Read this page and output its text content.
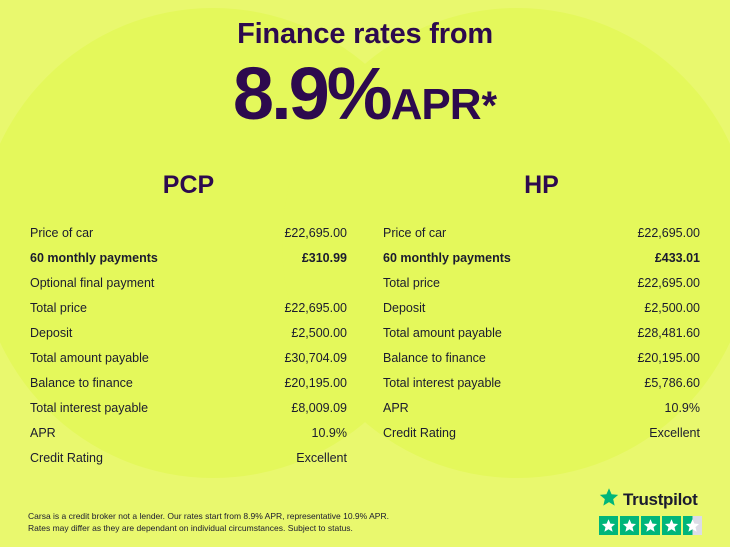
Finance rates from
8.9% APR *
PCP
Price of car	£22,695.00
60 monthly payments	£310.99
Optional final payment
Total price	£22,695.00
Deposit	£2,500.00
Total amount payable	£30,704.09
Balance to finance	£20,195.00
Total interest payable	£8,009.09
APR	10.9%
Credit Rating	Excellent
HP
Price of car	£22,695.00
60 monthly payments	£433.01
Total price	£22,695.00
Deposit	£2,500.00
Total amount payable	£28,481.60
Balance to finance	£20,195.00
Total interest payable	£5,786.60
APR	10.9%
Credit Rating	Excellent
Carsa is a credit broker not a lender. Our rates start from 8.9% APR, representative 10.9% APR.
Rates may differ as they are dependant on individual circumstances. Subject to status.
Trustpilot
